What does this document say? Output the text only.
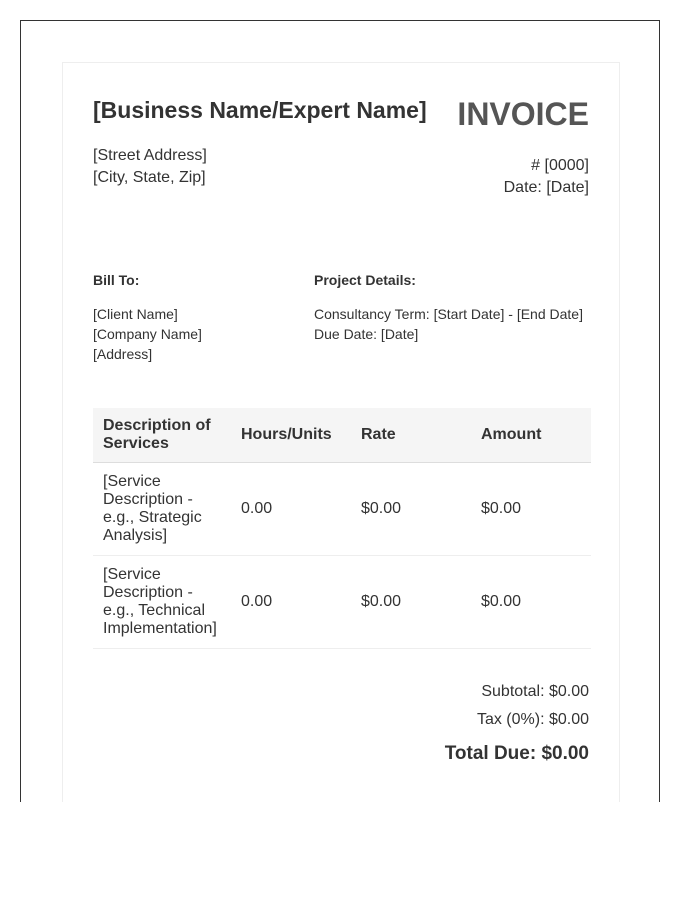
[Business Name/Expert Name] INVOICE
[Street Address]
[City, State, Zip]
# [0000]
Date: [Date]
Bill To:
[Client Name]
[Company Name]
[Address]
Project Details:
Consultancy Term: [Start Date] - [End Date]
Due Date: [Date]
Description of Services	Hours/Units	Rate	Amount
[Service Description - e.g., Strategic Analysis]	0.00	$0.00	$0.00
[Service Description - e.g., Technical Implementation]	0.00	$0.00	$0.00
Subtotal: $0.00
Tax (0%): $0.00
Total Due: $0.00
